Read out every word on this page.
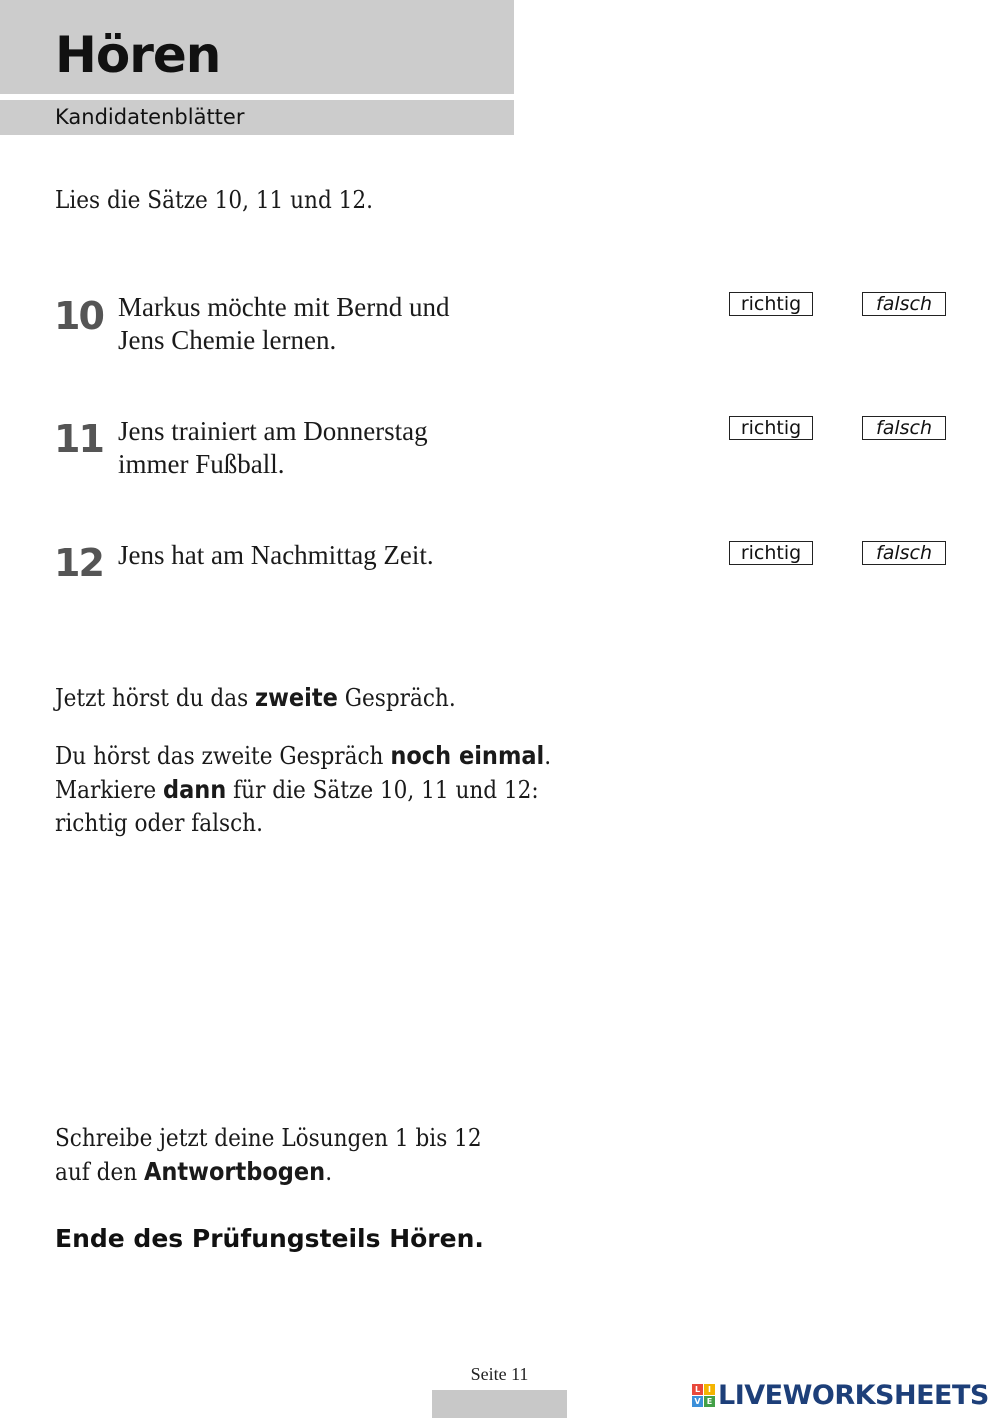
Hören
Kandidatenblätter
Lies die Sätze 10, 11 und 12.
10 Markus möchte mit Bernd und
Jens Chemie lernen.
richtig	falsch
11 Jens trainiert am Donnerstag
immer Fußball.
richtig	falsch
12 Jens hat am Nachmittag Zeit.	richtig	falsch
Jetzt hörst du das zweite Gespräch.
Du hörst das zweite Gespräch noch einmal.
Markiere dann für die Sätze 10, 11 und 12:
richtig oder falsch.
Schreibe jetzt deine Lösungen 1 bis 12
auf den Antwortbogen.
Ende des Prüfungsteils Hören.
Seite 11
L I
V E LIVEWORKSHEETS
